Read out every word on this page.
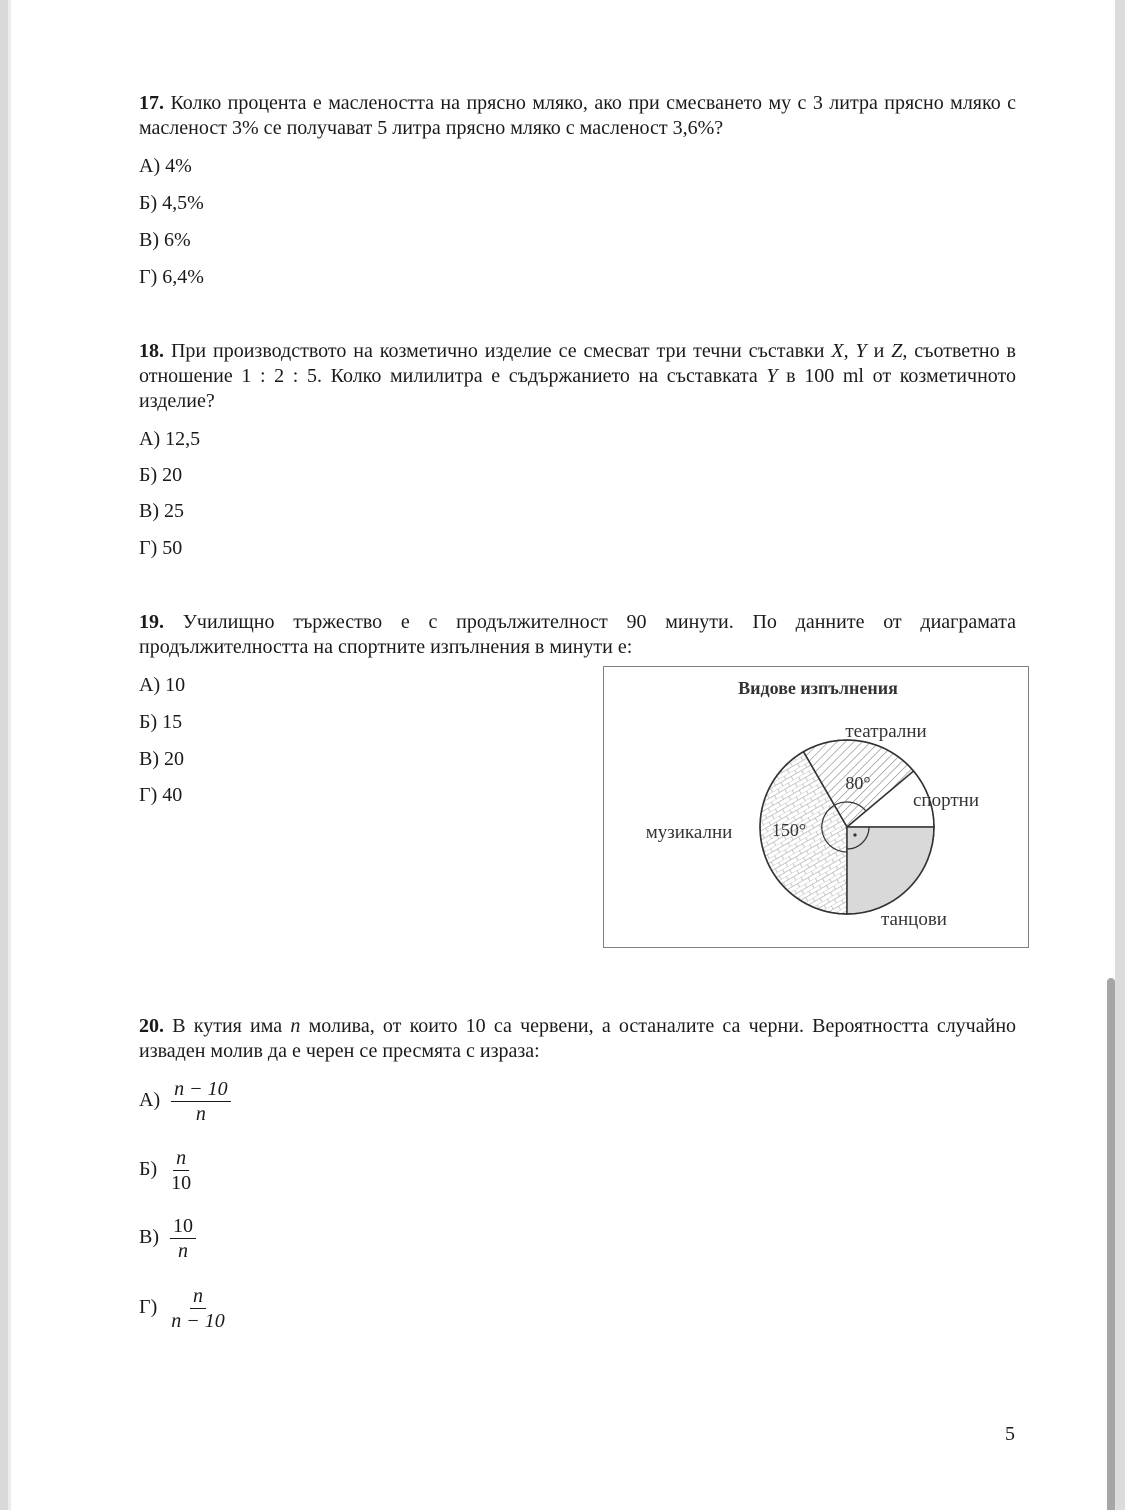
17. Колко процента е маслеността на прясно мляко, ако при смесването му с 3 литра прясно мляко с масленост 3% се получават 5 литра прясно мляко с масленост 3,6%?
А) 4%
Б) 4,5%
В) 6%
Г) 6,4%
18. При производството на козметично изделие се смесват три течни съставки X, Y и Z, съответно в отношение 1 : 2 : 5. Колко милилитра е съдържанието на съставката Y в 100 ml от козметичното изделие?
А) 12,5
Б) 20
В) 25
Г) 50
19. Училищно тържество е с продължителност 90 минути. По данните от диаграмата продължителността на спортните изпълнения в минути е:
А) 10
Б) 15
В) 20
Г) 40
Видове изпълнения
театрални
спортни
музикални
танцови
80°
150°
20. В кутия има n молива, от които 10 са червени, а останалите са черни. Вероятността случайно изваден молив да е черен се пресмята с израза:
$А) \frac{n - 10}{n}$
$Б) \frac{n}{10}$
$В) \frac{10}{n}$
$Г) \frac{n}{n - 10}$
5
